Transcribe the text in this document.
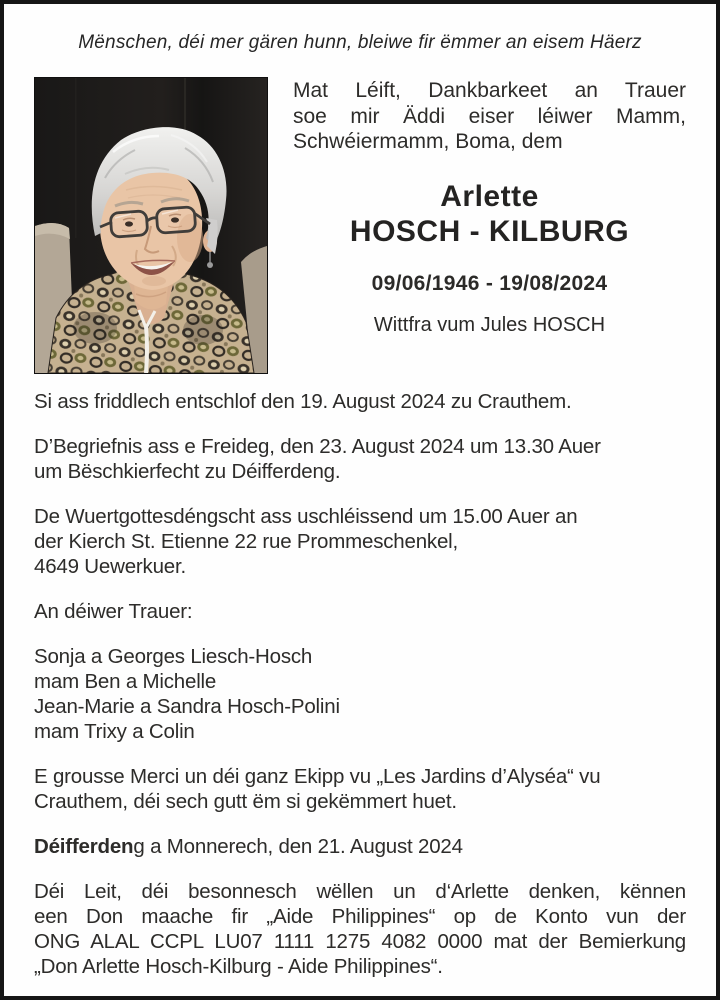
Mënschen, déi mer gären hunn, bleiwe fir ëmmer an eisem Häerz
Mat Léift, Dankbarkeet an Trauer
soe mir Äddi eiser léiwer Mamm,
Schwéiermamm, Boma, dem
Arlette
HOSCH - KILBURG
09/06/1946 - 19/08/2024
Wittfra vum Jules HOSCH

Si ass friddlech entschlof den 19. August 2024 zu Crauthem.

D’Begriefnis ass e Freideg, den 23. August 2024 um 13.30 Auer
um Bëschkierfecht zu Déifferdeng.

De Wuertgottesdéngscht ass uschléissend um 15.00 Auer an
der Kierch St. Etienne 22 rue Prommeschenkel,
4649 Uewerkuer.

An déiwer Trauer:

Sonja a Georges Liesch-Hosch
mam Ben a Michelle
Jean-Marie a Sandra Hosch-Polini
mam Trixy a Colin

E grousse Merci un déi ganz Ekipp vu „Les Jardins d’Alyséa“ vu
Crauthem, déi sech gutt ëm si gekëmmert huet.

Déifferdeng a Monnerech, den 21. August 2024

Déi Leit, déi besonnesch wëllen un d‘Arlette denken, kënnen
een Don maache fir „Aide Philippines“ op de Konto vun der
ONG ALAL CCPL LU07 1111 1275 4082 0000 mat der Bemierkung
„Don Arlette Hosch-Kilburg - Aide Philippines“.
